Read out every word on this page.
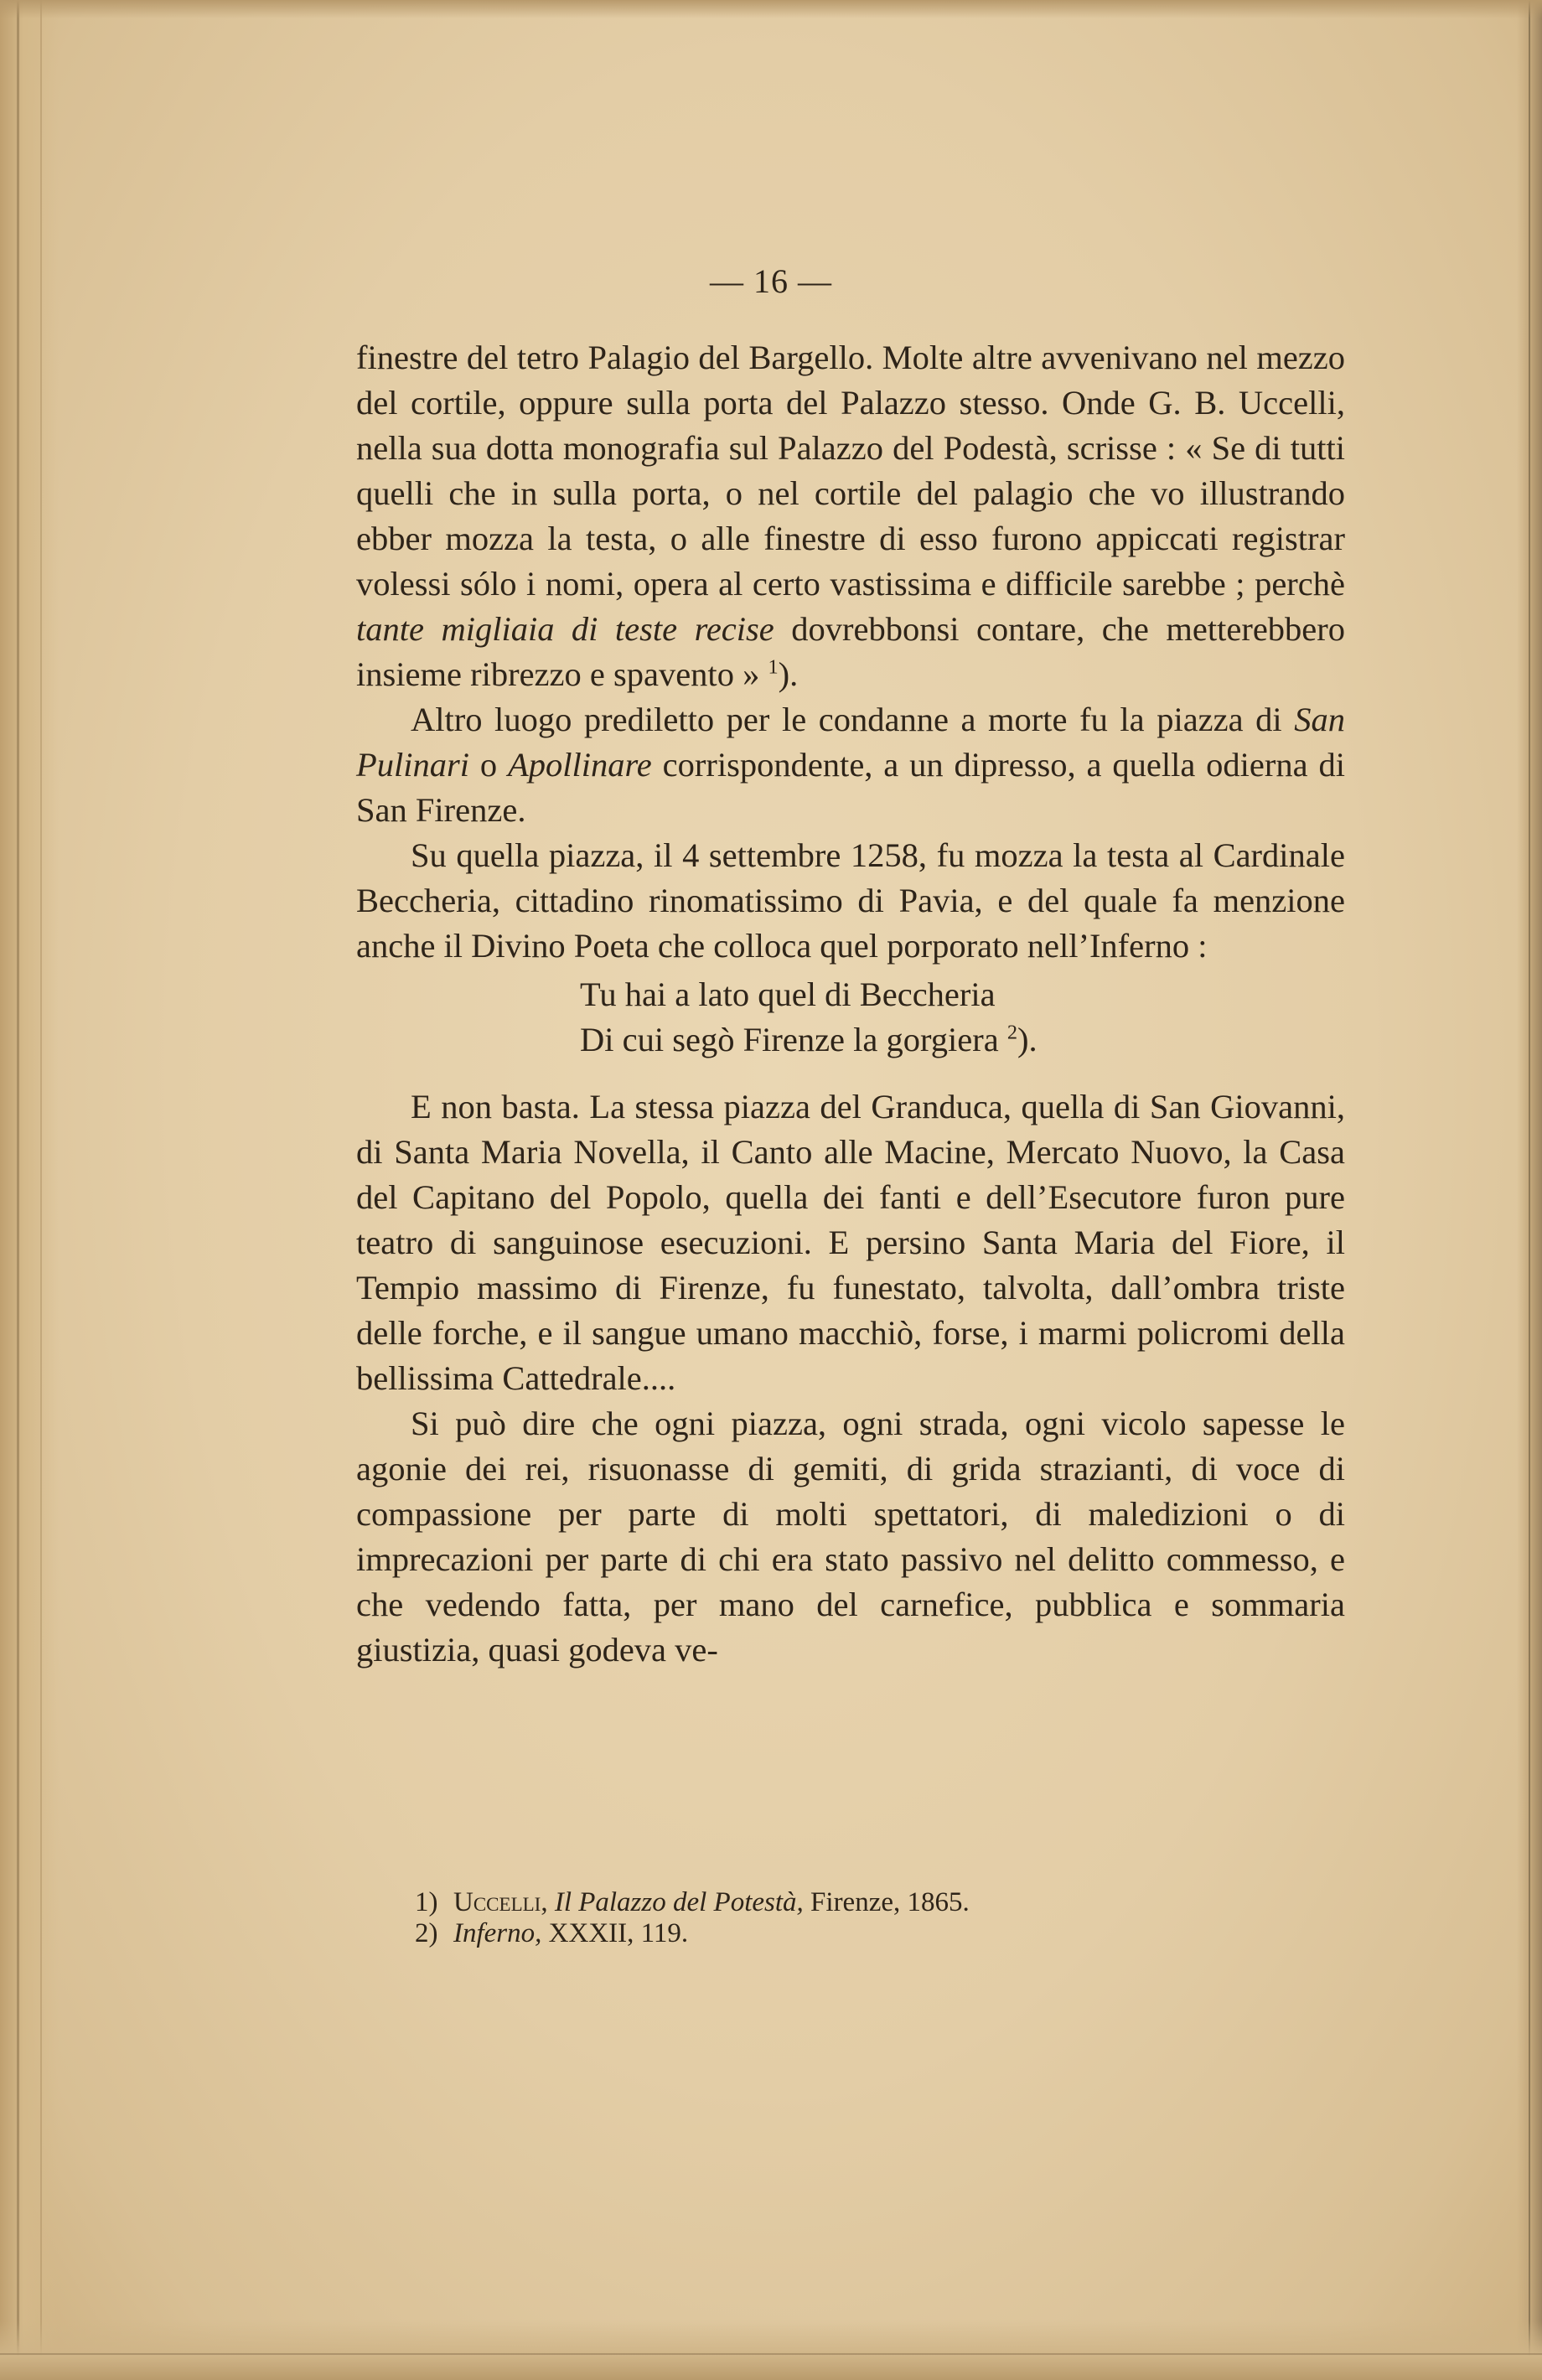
— 16 —

finestre del tetro Palagio del Bargello. Molte altre avvenivano nel mezzo del cortile, oppure sulla porta del Palazzo stesso. Onde G. B. Uccelli, nella sua dotta monografia sul Palazzo del Podestà, scrisse : « Se di tutti quelli che in sulla porta, o nel cortile del palagio che vo illustrando ebber mozza la testa, o alle finestre di esso furono appiccati registrar volessi sólo i nomi, opera al certo vastissima e difficile sarebbe ; perchè tante migliaia di teste recise dovrebbonsi contare, che metterebbero insieme ribrezzo e spavento » $^1$).

Altro luogo prediletto per le condanne a morte fu la piazza di San Pulinari o Apollinare corrispondente, a un dipresso, a quella odierna di San Firenze.

Su quella piazza, il 4 settembre 1258, fu mozza la testa al Cardinale Beccheria, cittadino rinomatissimo di Pavia, e del quale fa menzione anche il Divino Poeta che colloca quel porporato nell’Inferno :

Tu hai a lato quel di Beccheria

Di cui segò Firenze la gorgiera $^2$).

E non basta. La stessa piazza del Granduca, quella di San Giovanni, di Santa Maria Novella, il Canto alle Macine, Mercato Nuovo, la Casa del Capitano del Popolo, quella dei fanti e dell’Esecutore furon pure teatro di sanguinose esecuzioni. E persino Santa Maria del Fiore, il Tempio massimo di Firenze, fu funestato, talvolta, dall’ombra triste delle forche, e il sangue umano macchiò, forse, i marmi policromi della bellissima Cattedrale....

Si può dire che ogni piazza, ogni strada, ogni vicolo sapesse le agonie dei rei, risuonasse di gemiti, di grida strazianti, di voce di compassione per parte di molti spettatori, di maledizioni o di imprecazioni per parte di chi era stato passivo nel delitto commesso, e che vedendo fatta, per mano del carnefice, pubblica e sommaria giustizia, quasi godeva ve-

1) Uccelli, Il Palazzo del Potestà, Firenze, 1865.

2) Inferno, XXXII, 119.
